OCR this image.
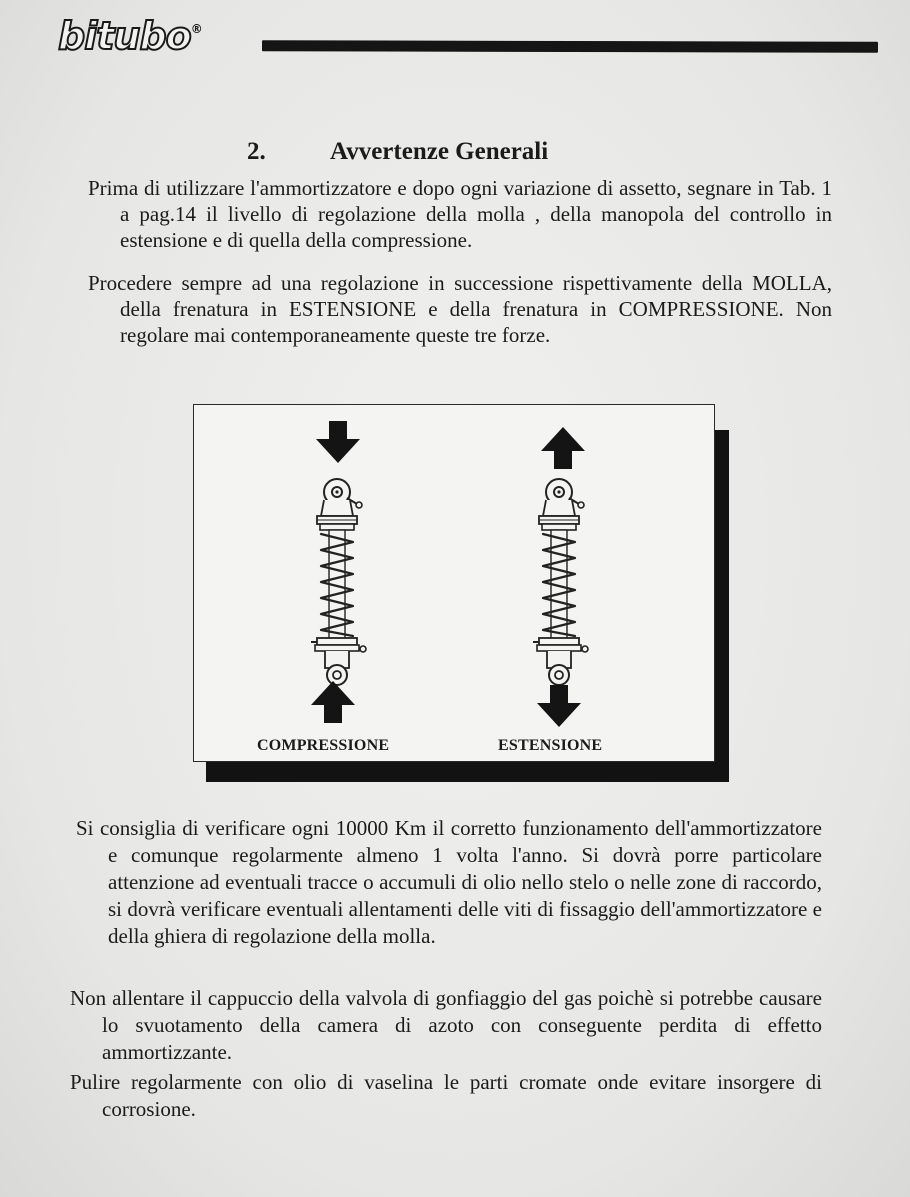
bitubo®
2.	Avvertenze Generali

Prima di utilizzare l'ammortizzatore e dopo ogni variazione di assetto, segnare in Tab. 1 a pag.14 il livello di regolazione della molla , della manopola del controllo in estensione e di quella della compressione.

Procedere sempre ad una regolazione in successione rispettivamente della MOLLA, della frenatura in ESTENSIONE e della frenatura in COMPRESSIONE. Non regolare mai contemporaneamente queste tre forze.

COMPRESSIONE	ESTENSIONE

Si consiglia di verificare ogni 10000 Km il corretto funzionamento dell'ammortizzatore e comunque regolarmente almeno 1 volta l'anno. Si dovrà porre particolare attenzione ad eventuali tracce o accumuli di olio nello stelo o nelle zone di raccordo, si dovrà verificare eventuali allentamenti delle viti di fissaggio dell'ammortizzatore e della ghiera di regolazione della molla.

Non allentare il cappuccio della valvola di gonfiaggio del gas poichè si potrebbe causare lo svuotamento della camera di azoto con conseguente perdita di effetto ammortizzante.

Pulire regolarmente con olio di vaselina le parti cromate onde evitare insorgere di corrosione.
